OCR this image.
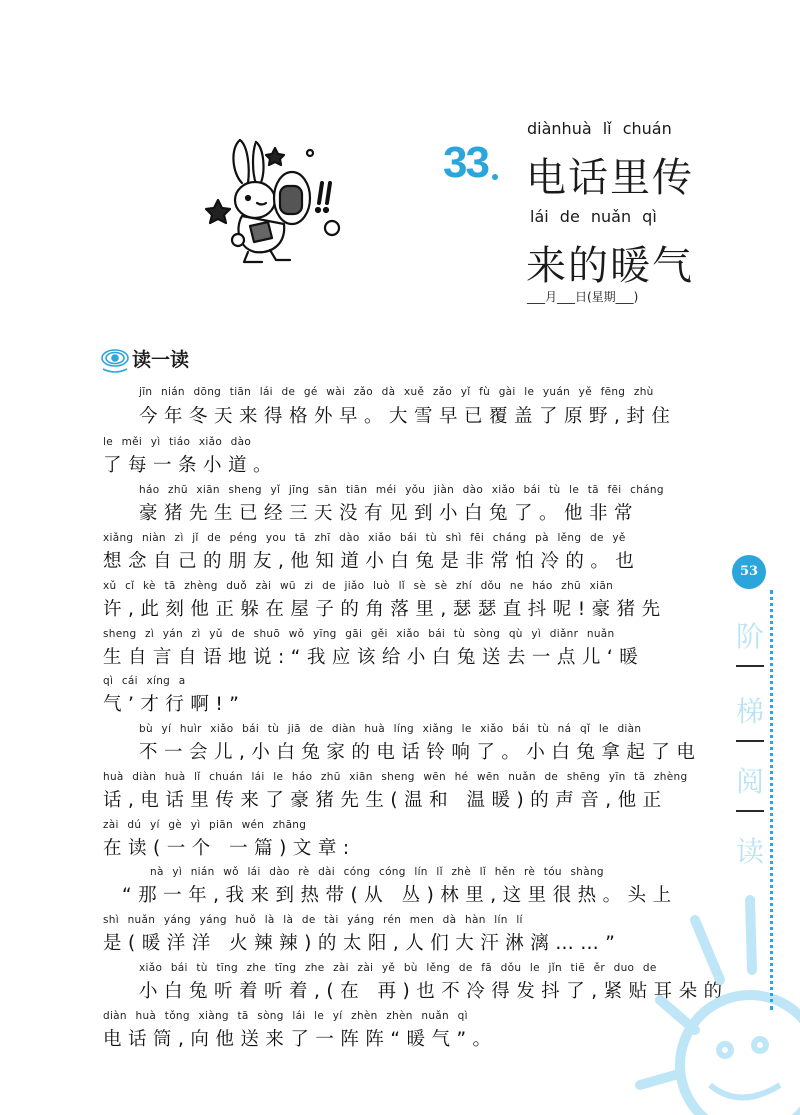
33
diànhuà lǐ chuán
电话里传
lái de nuǎn qì
来的暖气
___月___日(星期___)
读一读
jīn nián dōng tiān lái de gé wài zǎo dà xuě zǎo yǐ fù gài le yuán yě fēng zhù
今年冬天来得格外早。大雪早已覆盖了原野,封住
le měi yì tiáo xiǎo dào
了每一条小道。
háo zhū xiān sheng yǐ jīng sān tiān méi yǒu jiàn dào xiǎo bái tù le tā fēi cháng
豪猪先生已经三天没有见到小白兔了。他非常
xiǎng niàn zì jǐ de péng you tā zhī dào xiǎo bái tù shì fēi cháng pà lěng de yě
想念自己的朋友,他知道小白兔是非常怕冷的。也
xǔ cǐ kè tā zhèng duǒ zài wū zi de jiǎo luò lǐ sè sè zhí dǒu ne háo zhū xiān
许,此刻他正躲在屋子的角落里,瑟瑟直抖呢!豪猪先
sheng zì yán zì yǔ de shuō wǒ yīng gāi gěi xiǎo bái tù sòng qù yì diǎnr nuǎn
生自言自语地说:“我应该给小白兔送去一点儿‘暖
qì cái xíng a
气’才行啊!”
bù yí huìr xiǎo bái tù jiā de diàn huà líng xiǎng le xiǎo bái tù ná qǐ le diàn
不一会儿,小白兔家的电话铃响了。小白兔拿起了电
huà diàn huà lǐ chuán lái le háo zhū xiān sheng wēn hé wēn nuǎn de shēng yīn tā zhèng
话,电话里传来了豪猪先生(温和 温暖)的声音,他正
zài dú yí gè yì piān wén zhāng
在读(一个 一篇)文章:
nà yì nián wǒ lái dào rè dài cóng cóng lín lǐ zhè lǐ hěn rè tóu shàng
“那一年,我来到热带(从 丛)林里,这里很热。头上
shì nuǎn yáng yáng huǒ là là de tài yáng rén men dà hàn lín lí
是(暖洋洋 火辣辣)的太阳,人们大汗淋漓……”
xiǎo bái tù tīng zhe tīng zhe zài zài yě bù lěng de fā dǒu le jǐn tiē ěr duo de
小白兔听着听着,(在 再)也不冷得发抖了,紧贴耳朵的
diàn huà tǒng xiàng tā sòng lái le yí zhèn zhèn nuǎn qì
电话筒,向他送来了一阵阵“暖气”。
53
阶
梯
阅
读
